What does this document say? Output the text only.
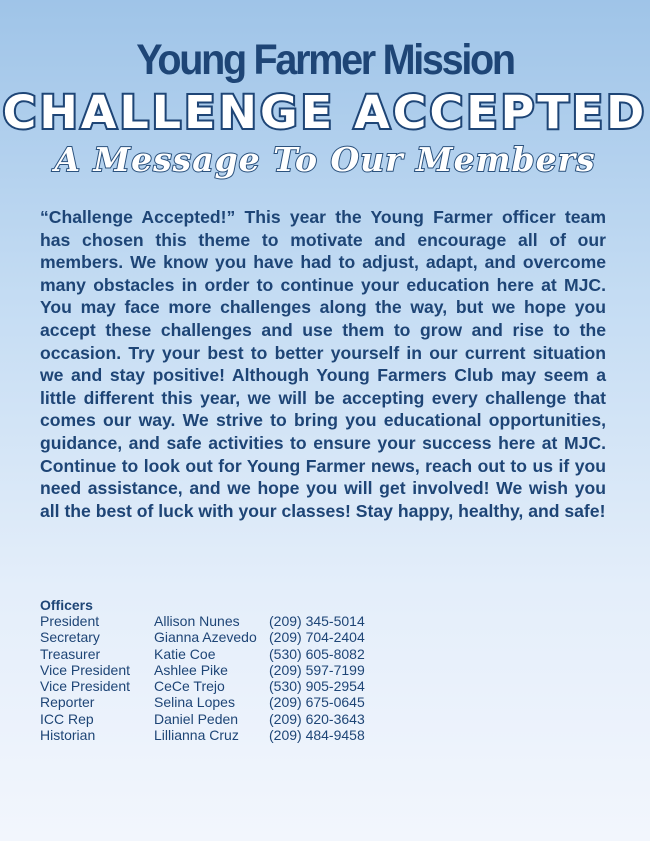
Young Farmer Mission
CHALLENGE ACCEPTED
A Message To Our Members

“Challenge Accepted!” This year the Young Farmer officer team has chosen this theme to motivate and encourage all of our members. We know you have had to adjust, adapt, and overcome many obstacles in order to continue your education here at MJC. You may face more challenges along the way, but we hope you accept these challenges and use them to grow and rise to the occasion. Try your best to better yourself in our current situation we and stay positive! Although Young Farmers Club may seem a little different this year, we will be accepting every challenge that comes our way. We strive to bring you educational opportunities, guidance, and safe activities to ensure your success here at MJC. Continue to look out for Young Farmer news, reach out to us if you need assistance, and we hope you will get involved! We wish you all the best of luck with your classes! Stay happy, healthy, and safe!

Officers
President	Allison Nunes	(209) 345-5014
Secretary	Gianna Azevedo (209) 704-2404
Treasurer	Katie Coe	(530) 605-8082
Vice President	Ashlee Pike	(209) 597-7199
Vice President	CeCe Trejo	(530) 905-2954
Reporter	Selina Lopes	(209) 675-0645
ICC Rep	Daniel Peden	(209) 620-3643
Historian	Lillianna Cruz	(209) 484-9458
